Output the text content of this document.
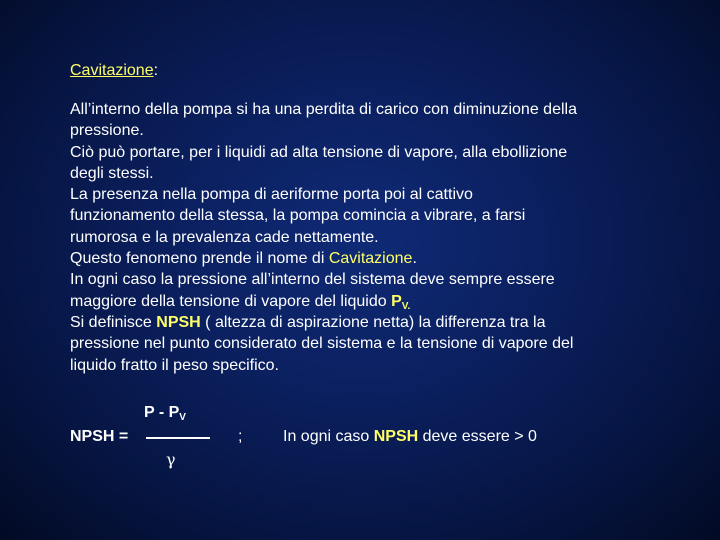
Cavitazione:
All’interno della pompa si ha una perdita di carico con diminuzione della
pressione.
Ciò può portare, per i liquidi ad alta tensione di vapore, alla ebollizione
degli stessi.
La presenza nella pompa di aeriforme porta poi al cattivo
funzionamento della stessa, la pompa comincia a vibrare, a farsi
rumorosa e la prevalenza cade nettamente.
Questo fenomeno prende il nome di Cavitazione.
In ogni caso la pressione all’interno del sistema deve sempre essere
maggiore della tensione di vapore del liquido $P_{V.}$
Si definisce NPSH ( altezza di aspirazione netta) la differenza tra la
pressione nel punto considerato del sistema e la tensione di vapore del
liquido fratto il peso specifico.
NPSH =
P - $P_V$
γ
;	In ogni caso NPSH deve essere > 0
